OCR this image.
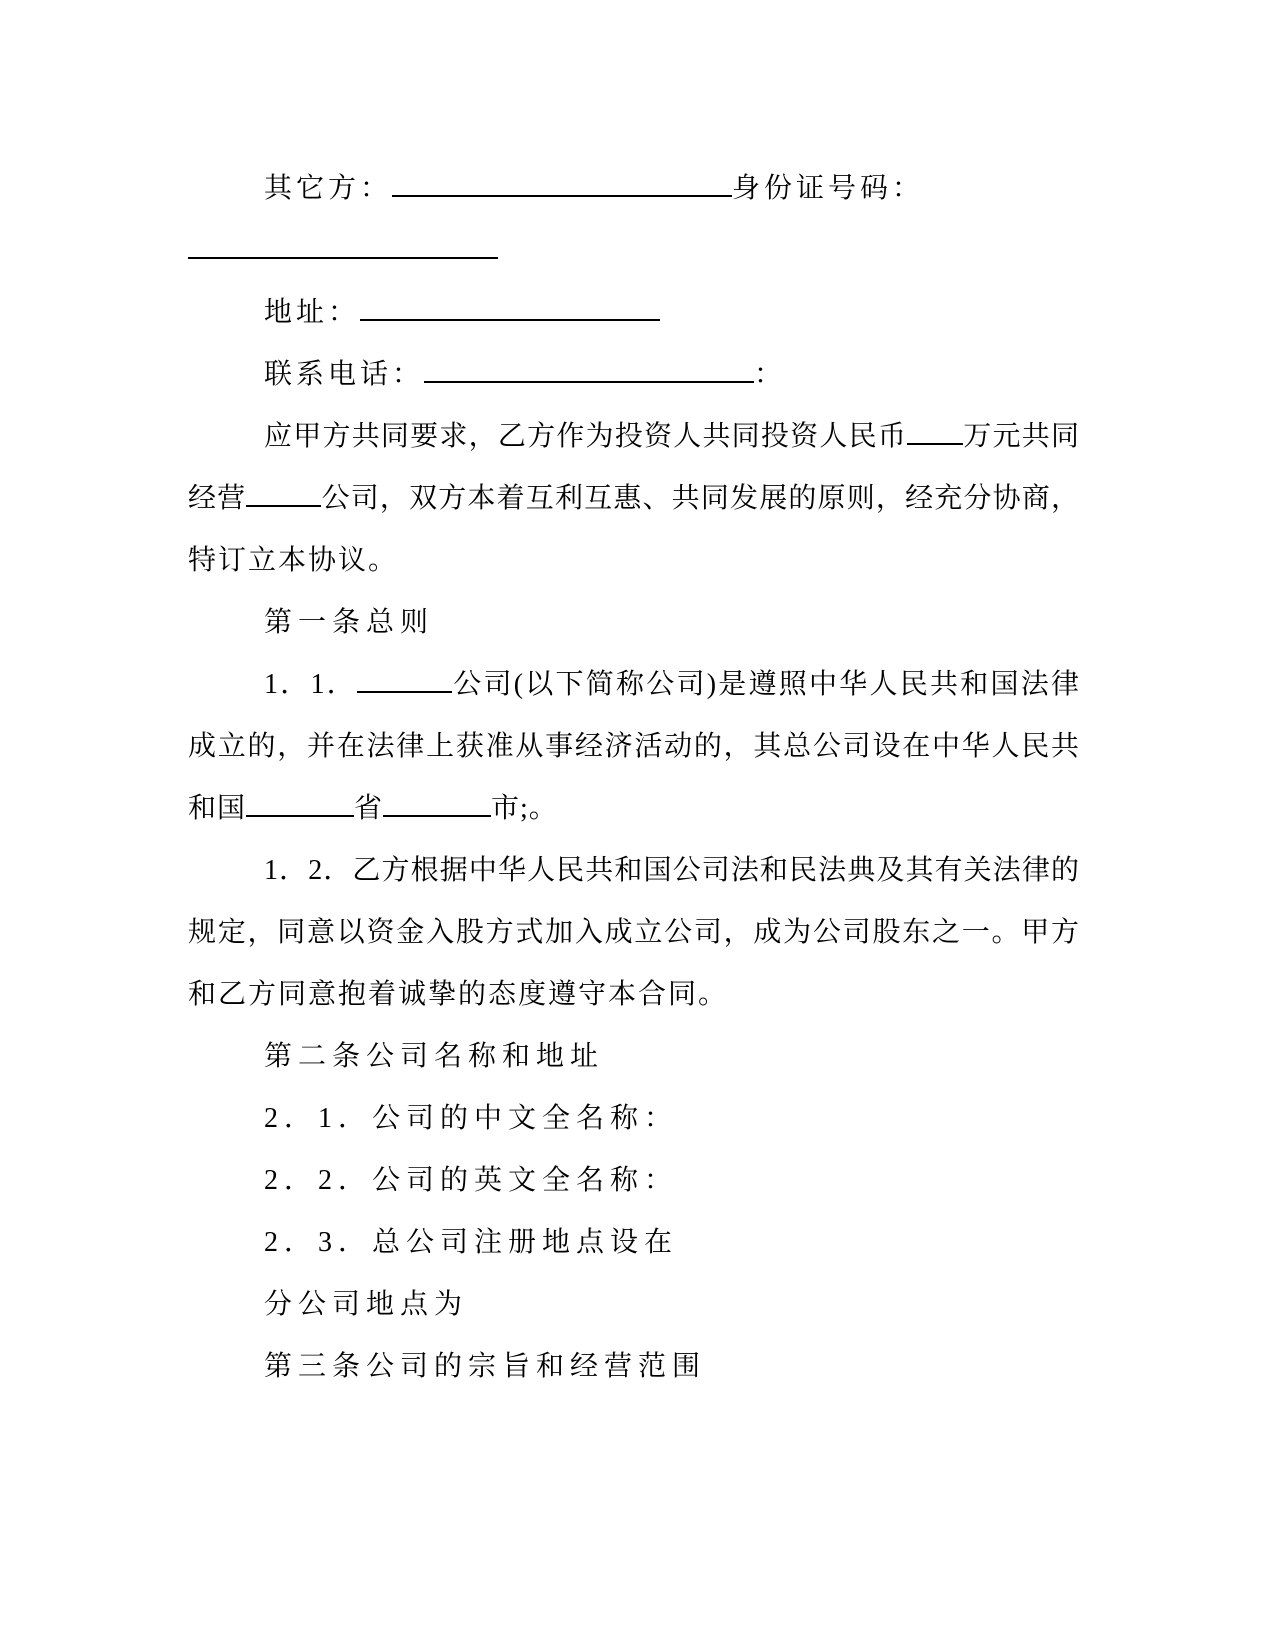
其它方：	身份证号码：
地址：
联系电话：	：
应甲方共同要求，乙方作为投资人共同投资人民币 万元共同
经营	公司，双方本着互利互惠、共同发展的原则，经充分协商，
特订立本协议。
第一条总则
1．1．	公司(以下简称公司)是遵照中华人民共和国法律
成立的，并在法律上获准从事经济活动的，其总公司设在中华人民共
和国	省	市;。
1．2．乙方根据中华人民共和国公司法和民法典及其有关法律的
规定，同意以资金入股方式加入成立公司，成为公司股东之一。甲方
和乙方同意抱着诚挚的态度遵守本合同。
第二条公司名称和地址
2．1．公司的中文全名称：
2．2．公司的英文全名称：
2．3．总公司注册地点设在
分公司地点为
第三条公司的宗旨和经营范围
